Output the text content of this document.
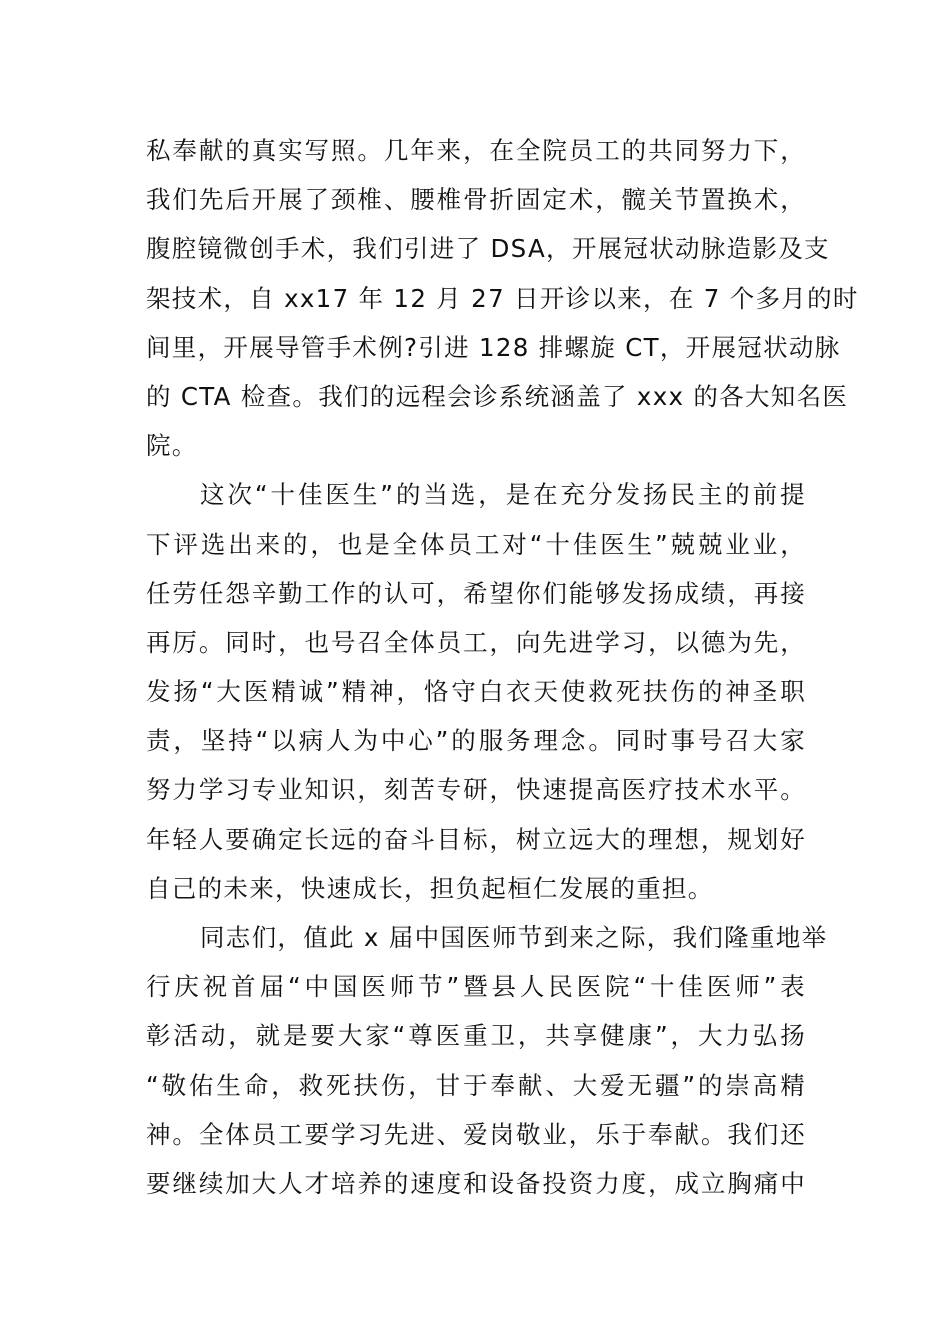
私奉献的真实写照。几年来，在全院员工的共同努力下，
我们先后开展了颈椎、腰椎骨折固定术，髋关节置换术，
腹腔镜微创手术，我们引进了 DSA，开展冠状动脉造影及支
架技术，自 xx17 年 12 月 27 日开诊以来，在 7 个多月的时
间里，开展导管手术例?引进 128 排螺旋 CT，开展冠状动脉
的 CTA 检查。我们的远程会诊系统涵盖了 xxx 的各大知名医
院。
这次“十佳医生”的当选，是在充分发扬民主的前提
下评选出来的，也是全体员工对“十佳医生”兢兢业业，
任劳任怨辛勤工作的认可，希望你们能够发扬成绩，再接
再厉。同时，也号召全体员工，向先进学习，以德为先，
发扬“大医精诚”精神，恪守白衣天使救死扶伤的神圣职
责，坚持“以病人为中心”的服务理念。同时事号召大家
努力学习专业知识，刻苦专研，快速提高医疗技术水平。
年轻人要确定长远的奋斗目标，树立远大的理想，规划好
自己的未来，快速成长，担负起桓仁发展的重担。
同志们，值此 x 届中国医师节到来之际，我们隆重地举
行庆祝首届“中国医师节”暨县人民医院“十佳医师”表
彰活动，就是要大家“尊医重卫，共享健康”，大力弘扬
“敬佑生命，救死扶伤，甘于奉献、大爱无疆”的崇高精
神。全体员工要学习先进、爱岗敬业，乐于奉献。我们还
要继续加大人才培养的速度和设备投资力度，成立胸痛中
